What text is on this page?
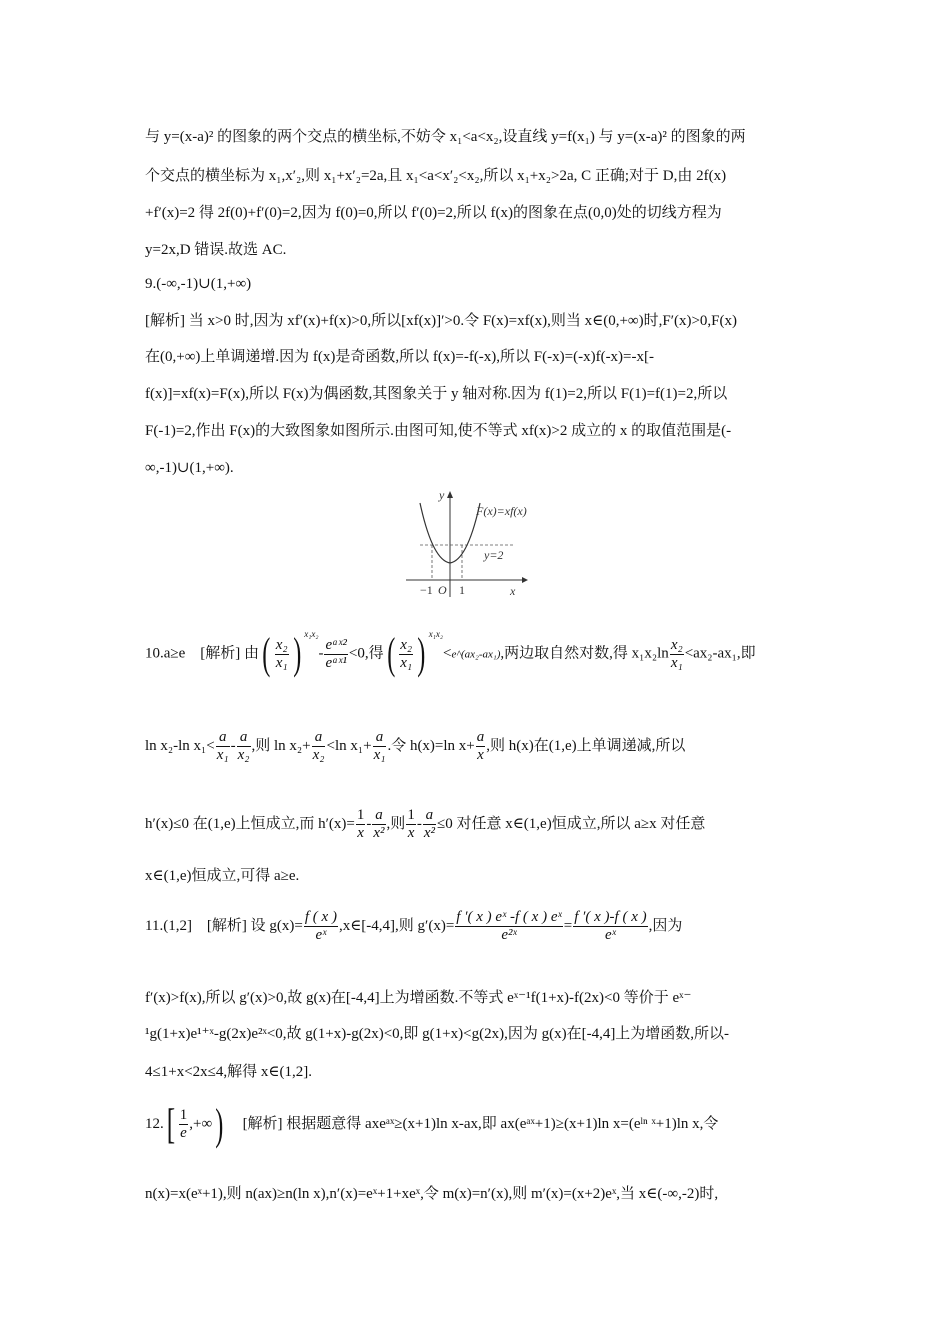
与 y=(x-a)² 的图象的两个交点的横坐标,不妨令 x₁<a<x₂,设直线 y=f(x₁) 与 y=(x-a)² 的图象的两
个交点的横坐标为 x₁,x′₂,则 x₁+x′₂=2a,且 x₁<a<x′₂<x₂,所以 x₁+x₂>2a, C 正确;对于 D,由 2f(x)
+f′(x)=2 得 2f(0)+f′(0)=2,因为 f(0)=0,所以 f′(0)=2,所以 f(x)的图象在点(0,0)处的切线方程为
y=2x,D 错误.故选 AC.
9.(-∞,-1)∪(1,+∞)
[解析] 当 x>0 时,因为 xf′(x)+f(x)>0,所以[xf(x)]′>0.令 F(x)=xf(x),则当 x∈(0,+∞)时,F′(x)>0,F(x)
在(0,+∞)上单调递增.因为 f(x)是奇函数,所以 f(x)=-f(-x),所以 F(-x)=(-x)f(-x)=-x[-
f(x)]=xf(x)=F(x),所以 F(x)为偶函数,其图象关于 y 轴对称.因为 f(1)=2,所以 F(1)=f(1)=2,所以
F(-1)=2,作出 F(x)的大致图象如图所示.由图可知,使不等式 xf(x)>2 成立的 x 的取值范围是(-
∞,-1)∪(1,+∞).
F(x)=xf(x)
y=2
x
y
O
−1 1
10.a≥e　[解析] 由( $\frac{\text{x₂}}{\text{x₁}}$ ) $^{x_1x_2}- \frac{\text{eᵃˣ²}}{\text{eᵃˣ¹}} <0$,得( $\frac{\text{x₂}}{\text{x₁}}$ ) $^{x_1x_2}$<e^(ax₂-ax₁),两边取自然对数,得 $x_1x_2\ln \frac{\text{x₂}}{\text{x₁}} <ax_2-ax_1$,即
ln x₂-ln $x_1< \frac{a}{\text{x₁}} - \frac{a}{\text{x₂}}$ ,则 $\ln x_2+ \frac{a}{\text{x₂}} <\ln$ $x_1+ \frac{a}{\text{x₁}}$ .令 h(x)=ln $x+ \frac{a}{x}$ ,则 h(x)在(1,e)上单调递减,所以
h′(x)≤0 在(1,e)上恒成立,而 $h'(x)= \frac{1}{x} - \frac{a}{\text{x²}}$ ,则 $\frac{1}{x} - \frac{a}{\text{x²}} \le 0$ 对任意 x∈(1,e)恒成立,所以 a≥x 对任意
x∈(1,e)恒成立,可得 a≥e.
11.(1,2]　[解析] 设 $g(x)= \frac{f ( x )}{\text{eˣ}}$ ,x∈[-4,4],则 $g'(x)= \frac{\text{f ′( x ) eˣ -f ( x ) eˣ}}{\text{e²ˣ}} = \frac{f '( x )-f ( x )}{\text{eˣ}}$ ,因为
f′(x)>f(x),所以 g′(x)>0,故 g(x)在[-4,4]上为增函数.不等式 eˣ⁻¹f(1+x)-f(2x)<0 等价于 eˣ⁻
¹g(1+x)e¹⁺ˣ-g(2x)e²ˣ<0,故 g(1+x)-g(2x)<0,即 g(1+x)<g(2x),因为 g(x)在[-4,4]上为增函数,所以-
4≤1+x<2x≤4,解得 x∈(1,2].
$12.[ \frac{1}{e}$ ,+∞) [解析] 根据题意得 axeᵃˣ≥(x+1)ln x-ax,即 ax(eᵃˣ+1)≥(x+1)ln x=(eˡⁿ ˣ+1)ln x,令
n(x)=x(eˣ+1),则 n(ax)≥n(ln x),n′(x)=eˣ+1+xeˣ,令 m(x)=n′(x),则 m′(x)=(x+2)eˣ,当 x∈(-∞,-2)时,
